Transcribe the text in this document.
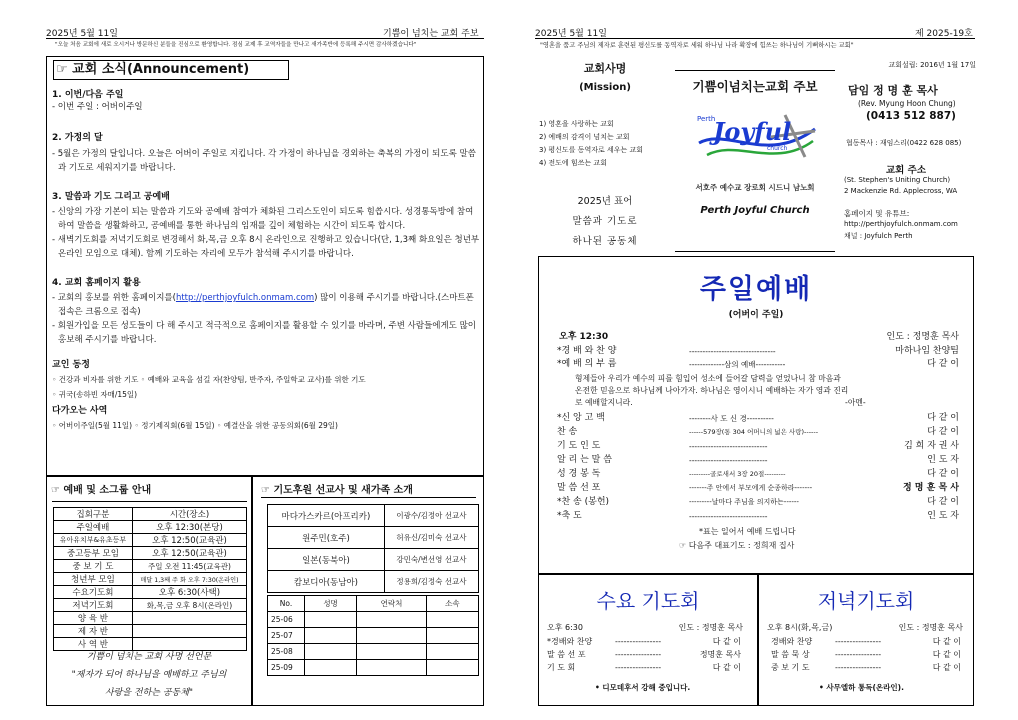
2025년 5월 11일	기쁨이 넘치는 교회 주보
"오늘 처음 교회에 새로 오시거나 방문하신 분들을 진심으로 환영합니다. 점심 교제 후 교역자들을 만나고 새가족반에 등록해 주시면 감사하겠습니다"
☞ 교회 소식(Announcement)
1. 이번/다음 주일

- 이번 주일 : 어버이주일

2. 가정의 달

- 5월은 가정의 달입니다. 오늘은 어버이 주일로 지킵니다. 각 가정이 하나님을 경외하는 축복의 가정이 되도록 말씀과 기도로 세워지기를 바랍니다.

3. 말씀과 기도 그리고 공예배

- 신앙의 가장 기본이 되는 말씀과 기도와 공예배 참여가 체화된 그리스도인이 되도록 힘씁시다. 성경통독방에 참여하여 말씀을 생활화하고, 공예배를 통한 하나님의 임재를 깊이 체험하는 시간이 되도록 합시다.

- 새벽기도회를 저녁기도회로 변경해서 화,목,금 오후 8시 온라인으로 진행하고 있습니다(단, 1,3째 화요일은 청년부 온라인 모임으로 대체). 함께 기도하는 자리에 모두가 참석해 주시기를 바랍니다.

4. 교회 홈페이지 활용

- 교회의 홍보를 위한 홈페이지를(http://perthjoyfulch.onmam.com) 많이 이용해 주시기를 바랍니다.(스마트폰 접속은 크롬으로 접속)

- 회원가입을 모든 성도들이 다 해 주시고 적극적으로 홈페이지를 활용할 수 있기를 바라며, 주변 사람들에게도 많이 홍보해 주시기를 바랍니다.

교인 동정
◦ 건강과 비자를 위한 기도 ◦ 예배와 교육을 섬길 자(찬양팀, 반주자, 주일학교 교사)를 위한 기도
◦ 귀국(송하빈 자매/15일)
다가오는 사역
◦ 어버이주일(5월 11일) ◦ 정기제직회(6월 15일) ◦ 예결산을 위한 공동의회(6월 29일)
☞ 예배 및 소그룹 안내
집회구분	시간(장소)
주일예배	오후 12:30(본당)
유아유치부&유초등부	오후 12:50(교육관)
중고등부 모임	오후 12:50(교육관)
중 보 기 도	주일 오전 11:45(교육관)
청년부 모임	매달 1,3째 주 화 오후 7:30(온라인)
수요기도회	오후 6:30(사택)
저녁기도회	화,목,금 오후 8시(온라인)
양 육 반	
제 자 반	
사 역 반	
기쁨이 넘치는 교회 사명 선언문
"제자가 되어 하나님을 예배하고 주님의
사랑을 전하는 공동체"
☞ 기도후원 선교사 및 새가족 소개
마다가스카르(아프리카)	이광수/김정아 선교사
원주민(호주)	허유신/김미숙 선교사
일본(동북아)	강민숙/변선영 선교사
캄보디아(동남아)	정용희/김정숙 선교사
No.	성명	연락처	소속
25-06			
25-07			
25-08			
25-09			
2025년 5월 11일	제 2025-19호
"영혼을 품고 주님의 제자로 훈련된 평신도를 동역자로 세워 하나님 나라 확장에 힘쓰는 하나님이 기뻐하시는 교회"
교회사명
(Mission)
1) 영혼을 사랑하는 교회
2) 예배의 감격이 넘치는 교회
3) 평신도를 동역자로 세우는 교회
4) 전도에 힘쓰는 교회
2025년 표어
말씀과 기도로
하나된 공동체
기쁨이넘치는교회 주보
Perth
Joyful
church
서호주 예수교 장로회 시드니 남노회
Perth Joyful Church
교회설립: 2016년 1월 17일
담임 정 명 훈 목사
(Rev. Myung Hoon Chung)
(0413 512 887)
협동목사 : 재임스리(0422 628 085)
교회 주소
(St. Stephen's Uniting Church)
2 Mackenzie Rd. Applecross, WA
홈페이지 및 유튜브:
http://perthjoyfulch.onmam.com
채널 : Joyfulch Perth
주일예배
(어버이 주일)
오후 12:30	인도 : 정명훈 목사
*경 배 와 찬 양	--------------------------------	마하나임 찬양팀
*예 배 의 부 름	-------------삼의 예배-----------	다 같 이
형제들아 우리가 예수의 피를 힘입어 성소에 들어갈 담력을 얻었나니 참 마음과
온전한 믿음으로 하나님께 나아가자. 하나님은 영이시니 예배하는 자가 영과 진리
로 예배할지니라.	-아멘-
*신 앙 고 백	--------사 도 신 경----------	다 같 이
찬 송	------579장(통 304 어머니의 넓은 사랑)------	다 같 이
기 도 인 도	-----------------------------	김 희 자 권 사
알 리 는 말 씀	-----------------------------	인 도 자
성 경 봉 독	---------골로새서 3장 20절---------	다 같 이
말 씀 선 포	-------주 안에서 부모에게 순종하라-------	정 명 훈 목 사
*찬 송 (봉헌)	---------날마다 주님을 의지하는------	다 같 이
*축 도	-----------------------------	인 도 자
*표는 일어서 예배 드립니다
☞ 다음주 대표기도 : 정희재 집사
수요 기도회
오후 6:30	인도 : 정명훈 목사
*경배와 찬양	----------------	다 같 이
말 씀 선 포	----------------	정명훈 목사
기 도 회	----------------	다 같 이
• 디모데후서 강해 중입니다.
저녁기도회
오후 8시(화,목,금)	인도 : 정명훈 목사
경배와 찬양	----------------	다 같 이
말 씀 묵 상	----------------	다 같 이
중 보 기 도	----------------	다 같 이
• 사무엘하 통독(온라인).
